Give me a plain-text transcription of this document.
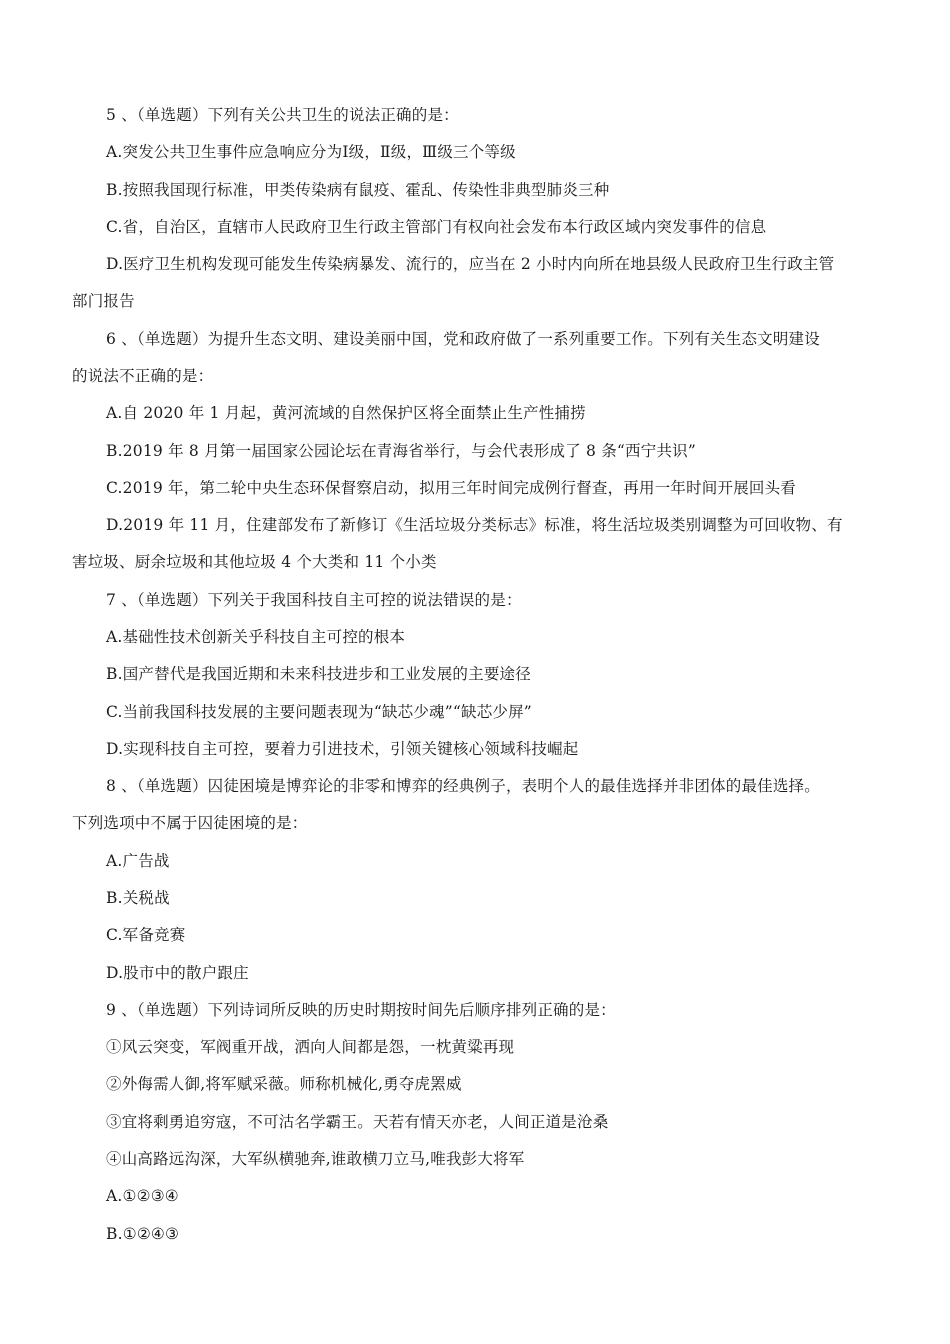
5 、（单选题）下列有关公共卫生的说法正确的是：
A.突发公共卫生事件应急响应分为Ⅰ级，Ⅱ级，Ⅲ级三个等级
B.按照我国现行标准，甲类传染病有鼠疫、霍乱、传染性非典型肺炎三种
C.省，自治区，直辖市人民政府卫生行政主管部门有权向社会发布本行政区域内突发事件的信息
D.医疗卫生机构发现可能发生传染病暴发、流行的，应当在 2 小时内向所在地县级人民政府卫生行政主管
部门报告
6 、（单选题）为提升生态文明、建设美丽中国，党和政府做了一系列重要工作。下列有关生态文明建设
的说法不正确的是：
A.自 2020 年 1 月起，黄河流域的自然保护区将全面禁止生产性捕捞
B.2019 年 8 月第一届国家公园论坛在青海省举行，与会代表形成了 8 条“西宁共识”
C.2019 年，第二轮中央生态环保督察启动，拟用三年时间完成例行督查，再用一年时间开展回头看
D.2019 年 11 月，住建部发布了新修订《生活垃圾分类标志》标准，将生活垃圾类别调整为可回收物、有
害垃圾、厨余垃圾和其他垃圾 4 个大类和 11 个小类
7 、（单选题）下列关于我国科技自主可控的说法错误的是：
A.基础性技术创新关乎科技自主可控的根本
B.国产替代是我国近期和未来科技进步和工业发展的主要途径
C.当前我国科技发展的主要问题表现为“缺芯少魂”“缺芯少屏”
D.实现科技自主可控，要着力引进技术，引领关键核心领域科技崛起
8 、（单选题）囚徒困境是博弈论的非零和博弈的经典例子，表明个人的最佳选择并非团体的最佳选择。
下列选项中不属于囚徒困境的是：
A.广告战
B.关税战
C.军备竞赛
D.股市中的散户跟庄
9 、（单选题）下列诗词所反映的历史时期按时间先后顺序排列正确的是：
①风云突变，军阀重开战，洒向人间都是怨，一枕黄粱再现
②外侮需人御,将军赋采薇。师称机械化,勇夺虎罴威
③宜将剩勇追穷寇，不可沽名学霸王。天若有情天亦老，人间正道是沧桑
④山高路远沟深，大军纵横驰奔,谁敢横刀立马,唯我彭大将军
A.①②③④
B.①②④③
